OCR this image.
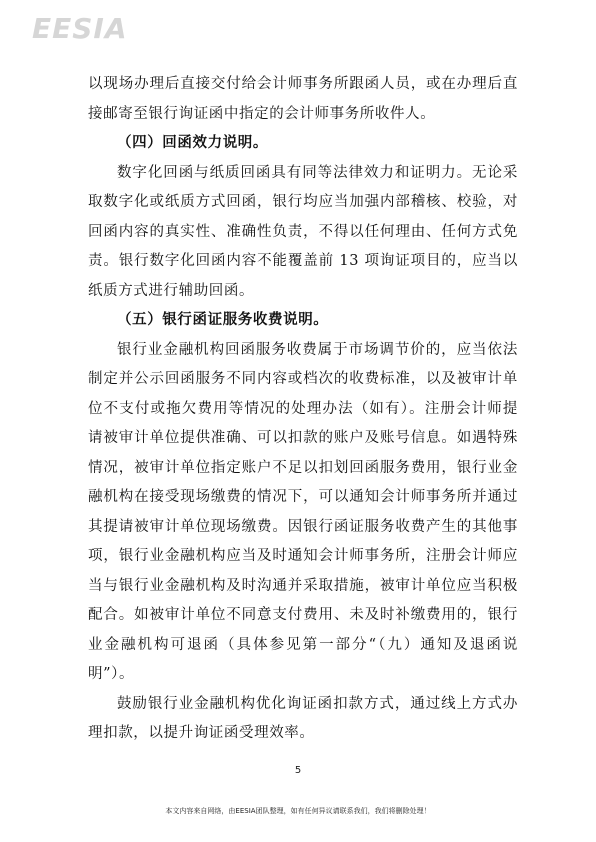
EESIA

以现场办理后直接交付给会计师事务所跟函人员，或在办理后直接邮寄至银行询证函中指定的会计师事务所收件人。

（四）回函效力说明。

数字化回函与纸质回函具有同等法律效力和证明力。无论采取数字化或纸质方式回函，银行均应当加强内部稽核、校验，对回函内容的真实性、准确性负责，不得以任何理由、任何方式免责。银行数字化回函内容不能覆盖前 13 项询证项目的，应当以纸质方式进行辅助回函。

（五）银行函证服务收费说明。

银行业金融机构回函服务收费属于市场调节价的，应当依法制定并公示回函服务不同内容或档次的收费标准，以及被审计单位不支付或拖欠费用等情况的处理办法（如有）。注册会计师提请被审计单位提供准确、可以扣款的账户及账号信息。如遇特殊情况，被审计单位指定账户不足以扣划回函服务费用，银行业金融机构在接受现场缴费的情况下，可以通知会计师事务所并通过其提请被审计单位现场缴费。因银行函证服务收费产生的其他事项，银行业金融机构应当及时通知会计师事务所，注册会计师应当与银行业金融机构及时沟通并采取措施，被审计单位应当积极配合。如被审计单位不同意支付费用、未及时补缴费用的，银行业金融机构可退函（具体参见第一部分“（九）通知及退函说明”）。

鼓励银行业金融机构优化询证函扣款方式，通过线上方式办理扣款，以提升询证函受理效率。

5
本文内容来自网络，由EESIA团队整理，如有任何异议请联系我们，我们将删除处理！
